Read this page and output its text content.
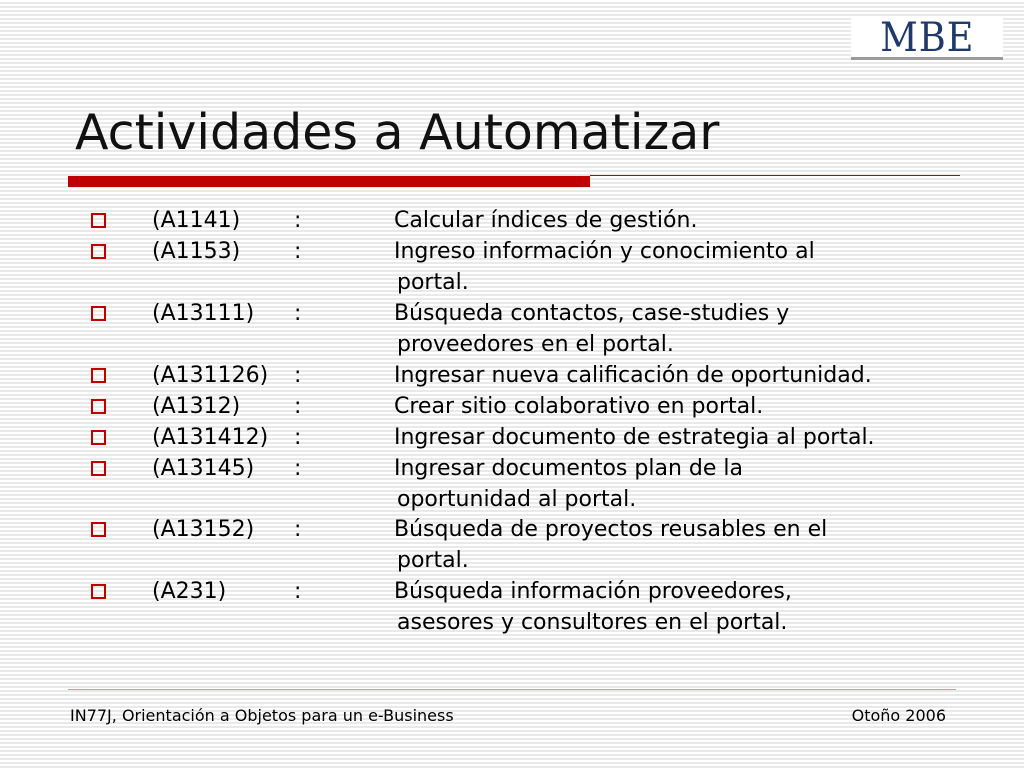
MBE
Actividades a Automatizar
(A1141) :	Calcular índices de gestión.
(A1153) :	Ingreso información y conocimiento al
portal.
(A13111) :	Búsqueda contactos, case-studies y
proveedores en el portal.
(A131126) :	Ingresar nueva calificación de oportunidad.
(A1312) :	Crear sitio colaborativo en portal.
(A131412) :	Ingresar documento de estrategia al portal.
(A13145) :	Ingresar documentos plan de la
oportunidad al portal.
(A13152) :	Búsqueda de proyectos reusables en el
portal.
(A231)	:	Búsqueda información proveedores,
asesores y consultores en el portal.
IN77J, Orientación a Objetos para un e-Business	Otoño 2006
